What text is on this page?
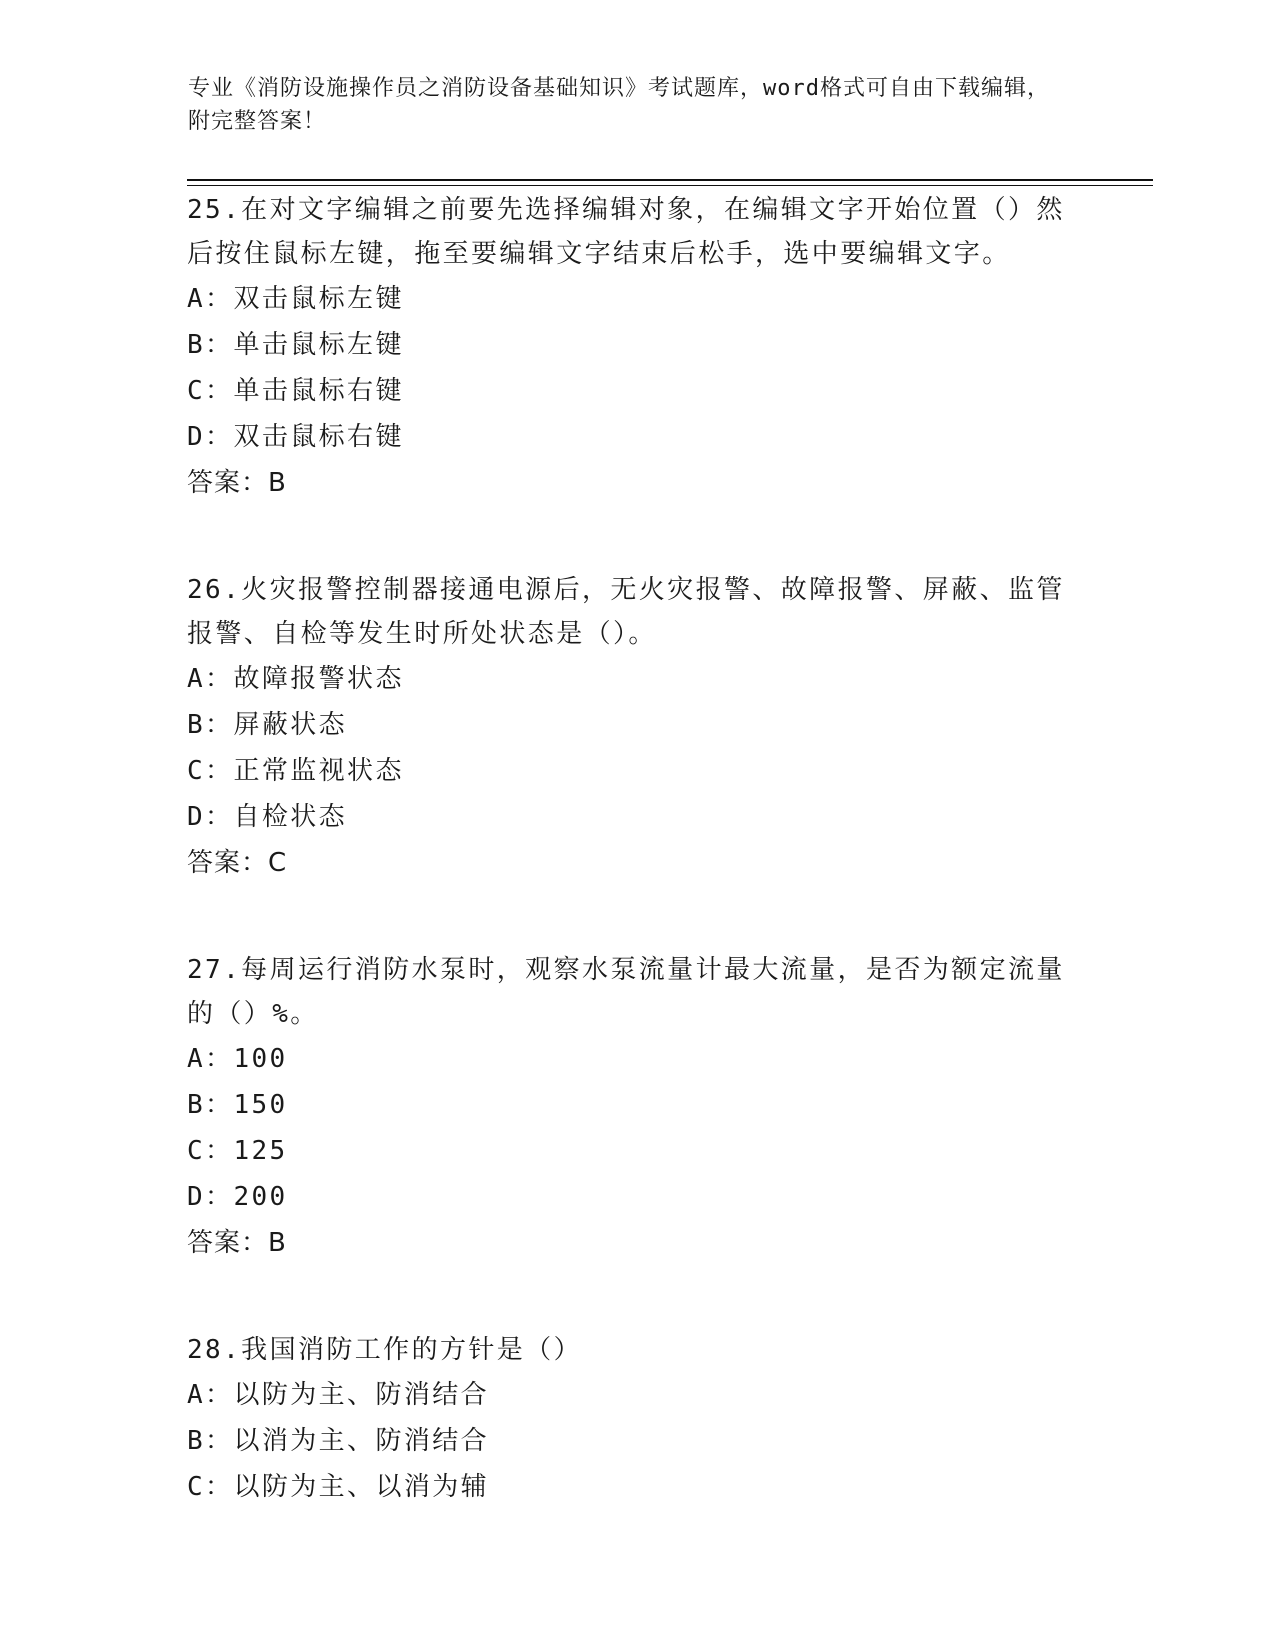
专业《消防设施操作员之消防设备基础知识》考试题库，word格式可自由下载编辑，附完整答案！

25.在对文字编辑之前要先选择编辑对象，在编辑文字开始位置（）然后按住鼠标左键，拖至要编辑文字结束后松手，选中要编辑文字。

A：双击鼠标左键

B：单击鼠标左键

C：单击鼠标右键

D：双击鼠标右键

答案：B

26.火灾报警控制器接通电源后，无火灾报警、故障报警、屏蔽、监管报警、自检等发生时所处状态是（）。

A：故障报警状态

B：屏蔽状态

C：正常监视状态

D：自检状态

答案：C

27.每周运行消防水泵时，观察水泵流量计最大流量，是否为额定流量的（）%。

A：100

B：150

C：125

D：200

答案：B

28.我国消防工作的方针是（）

A：以防为主、防消结合

B：以消为主、防消结合

C：以防为主、以消为辅
